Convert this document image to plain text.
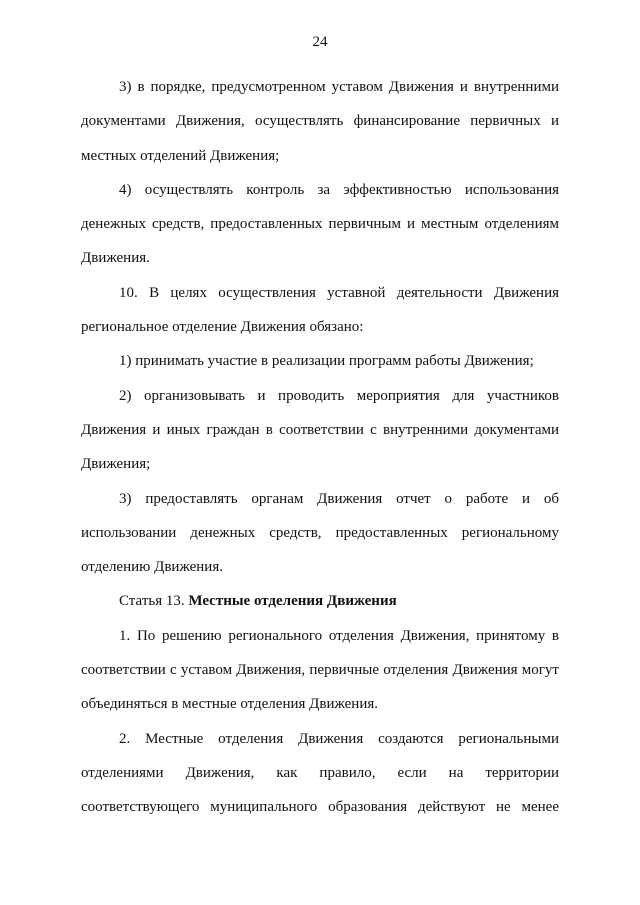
24

3) в порядке, предусмотренном уставом Движения и внутренними документами Движения, осуществлять финансирование первичных и местных отделений Движения;

4) осуществлять контроль за эффективностью использования денежных средств, предоставленных первичным и местным отделениям Движения.

10. В целях осуществления уставной деятельности Движения региональное отделение Движения обязано:

1) принимать участие в реализации программ работы Движения;

2) организовывать и проводить мероприятия для участников Движения и иных граждан в соответствии с внутренними документами Движения;

3) предоставлять органам Движения отчет о работе и об использовании денежных средств, предоставленных региональному отделению Движения.

Статья 13. Местные отделения Движения

1. По решению регионального отделения Движения, принятому в соответствии с уставом Движения, первичные отделения Движения могут объединяться в местные отделения Движения.

2. Местные отделения Движения создаются региональными отделениями Движения, как правило, если на территории соответствующего муниципального образования действуют не менее
